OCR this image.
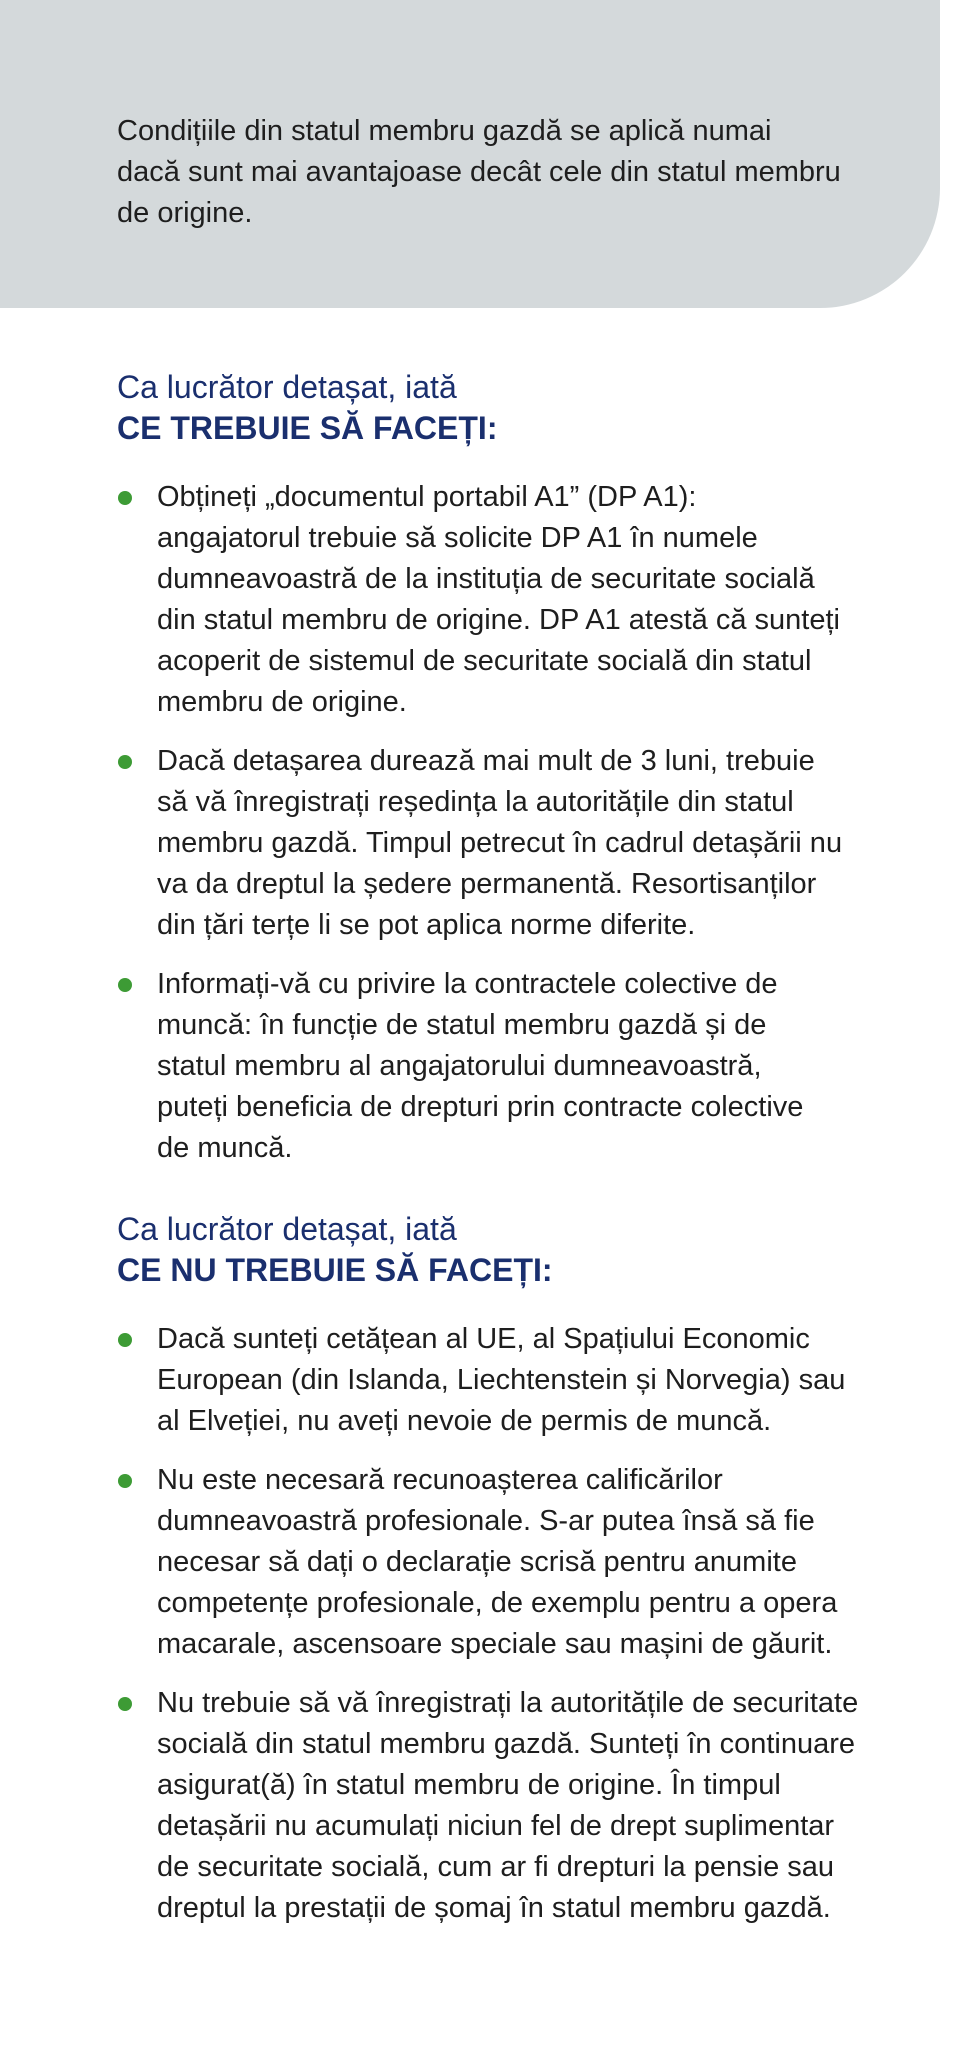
Condițiile din statul membru gazdă se aplică numai
dacă sunt mai avantajoase decât cele din statul membru
de origine.
Ca lucrător detașat, iată
CE TREBUIE SĂ FACEȚI:
Obțineți „documentul portabil A1” (DP A1):
angajatorul trebuie să solicite DP A1 în numele
dumneavoastră de la instituția de securitate socială
din statul membru de origine. DP A1 atestă că sunteți
acoperit de sistemul de securitate socială din statul
membru de origine.
Dacă detașarea durează mai mult de 3 luni, trebuie
să vă înregistrați reședința la autoritățile din statul
membru gazdă. Timpul petrecut în cadrul detașării nu
va da dreptul la ședere permanentă. Resortisanților
din țări terțe li se pot aplica norme diferite.
Informați-vă cu privire la contractele colective de
muncă: în funcție de statul membru gazdă și de
statul membru al angajatorului dumneavoastră,
puteți beneficia de drepturi prin contracte colective
de muncă.
Ca lucrător detașat, iată
CE NU TREBUIE SĂ FACEȚI:
Dacă sunteți cetățean al UE, al Spațiului Economic
European (din Islanda, Liechtenstein și Norvegia) sau
al Elveției, nu aveți nevoie de permis de muncă.
Nu este necesară recunoașterea calificărilor
dumneavoastră profesionale. S-ar putea însă să fie
necesar să dați o declarație scrisă pentru anumite
competențe profesionale, de exemplu pentru a opera
macarale, ascensoare speciale sau mașini de găurit.
Nu trebuie să vă înregistrați la autoritățile de securitate
socială din statul membru gazdă. Sunteți în continuare
asigurat(ă) în statul membru de origine. În timpul
detașării nu acumulați niciun fel de drept suplimentar
de securitate socială, cum ar fi drepturi la pensie sau
dreptul la prestații de șomaj în statul membru gazdă.
